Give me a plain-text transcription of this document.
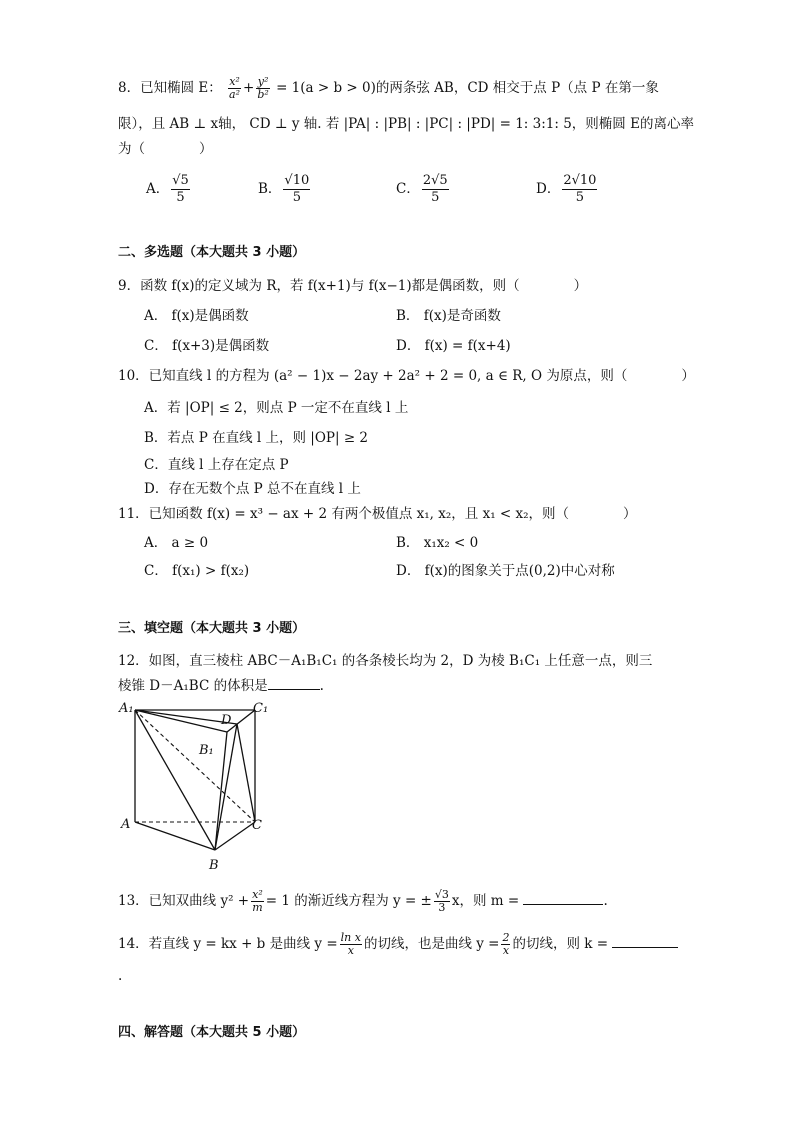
8．已知椭圆 E： $\frac{\text{x²}}{\text{a²}} + \frac{\text{y²}}{\text{b²}} = 1(a > b > 0)$的两条弦 AB，CD 相交于点 P（点 P 在第一象
限），且 AB ⊥ x轴， CD ⊥ y 轴. 若 |PA| : |PB| : |PC| : |PD| = 1: 3:1: 5，则椭圆 E的离心率
为（　　　　）
A． $\frac{√5}{5}$	B． $\frac{√10}{5}$	C． $\frac{2√5}{5}$	D． $\frac{2√10}{5}$
二、多选题（本大题共 3 小题）
9．函数 f(x)的定义域为 R，若 f(x+1)与 f(x−1)都是偶函数，则（　　　　）
A． f(x)是偶函数	B． f(x)是奇函数
C． f(x+3)是偶函数	D． f(x) = f(x+4)
10．已知直线 l 的方程为 (a² − 1)x − 2ay + 2a² + 2 = 0, a ∈ R, O 为原点，则（　　　　）
A．若 |OP| ≤ 2，则点 P 一定不在直线 l 上
B．若点 P 在直线 l 上，则 |OP| ≥ 2
C．直线 l 上存在定点 P
D．存在无数个点 P 总不在直线 l 上
11．已知函数 f(x) = x³ − ax + 2 有两个极值点 x₁, x₂，且 x₁ < x₂，则（　　　　）
A． a ≥ 0	B． x₁x₂ < 0
C． f(x₁) > f(x₂)	D． f(x)的图象关于点(0,2)中心对称
三、填空题（本大题共 3 小题）
12．如图，直三棱柱 ABC－A₁B₁C₁ 的各条棱长均为 2，D 为棱 B₁C₁ 上任意一点，则三
棱锥 D－A₁BC 的体积是	.
A₁	C₁
D
B₁
A	C
B
13．已知双曲线 $y^2 + \frac{\text{x²}}{m} = 1$ 的渐近线方程为 y = ± $\frac{√3}{3}$ x，则 m =	.
14．若直线 y = kx + b 是曲线 $y = \frac{\text{ln x}}{x}$ 的切线，也是曲线 $y = \frac{2}{x}$ 的切线，则 k =
.
四、解答题（本大题共 5 小题）
